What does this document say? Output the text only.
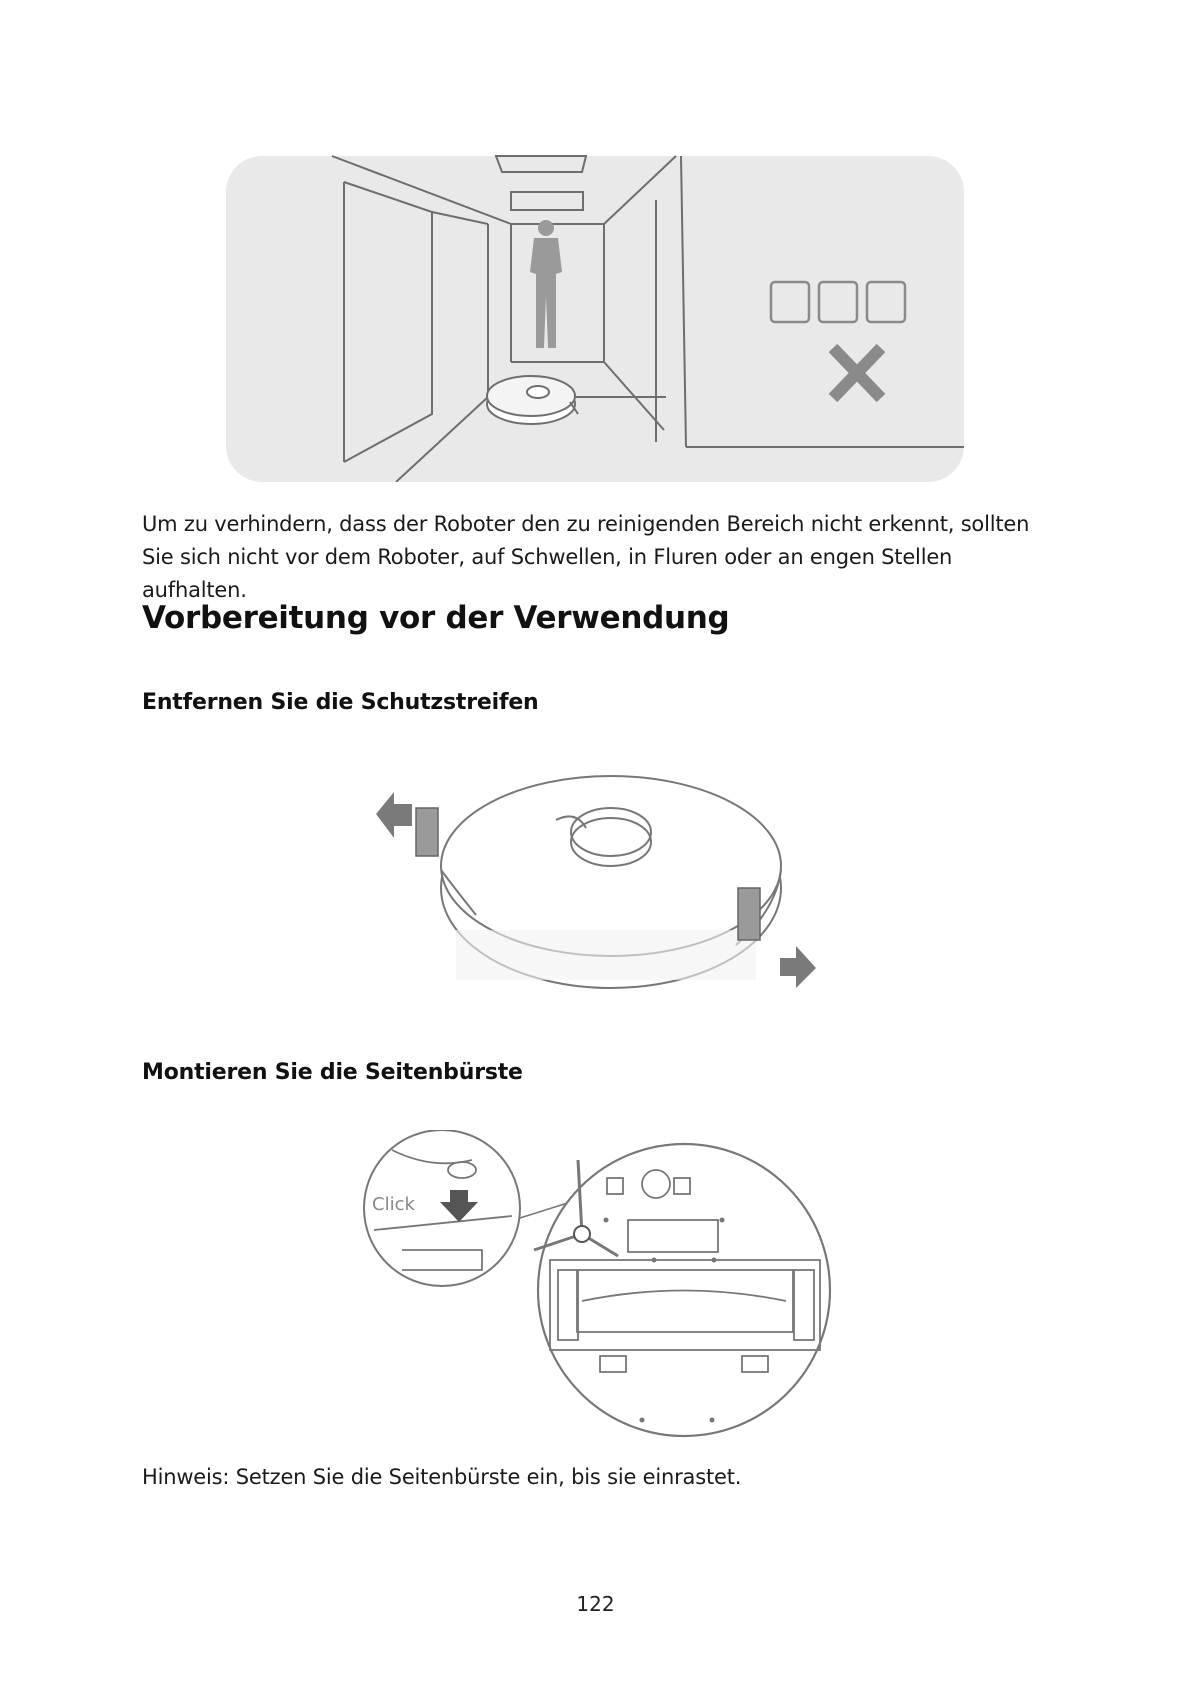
Um zu verhindern, dass der Roboter den zu reinigenden Bereich nicht erkennt, sollten Sie sich nicht vor dem Roboter, auf Schwellen, in Fluren oder an engen Stellen aufhalten.
Vorbereitung vor der Verwendung
Entfernen Sie die Schutzstreifen
Montieren Sie die Seitenbürste
Click
Hinweis: Setzen Sie die Seitenbürste ein, bis sie einrastet.
122
